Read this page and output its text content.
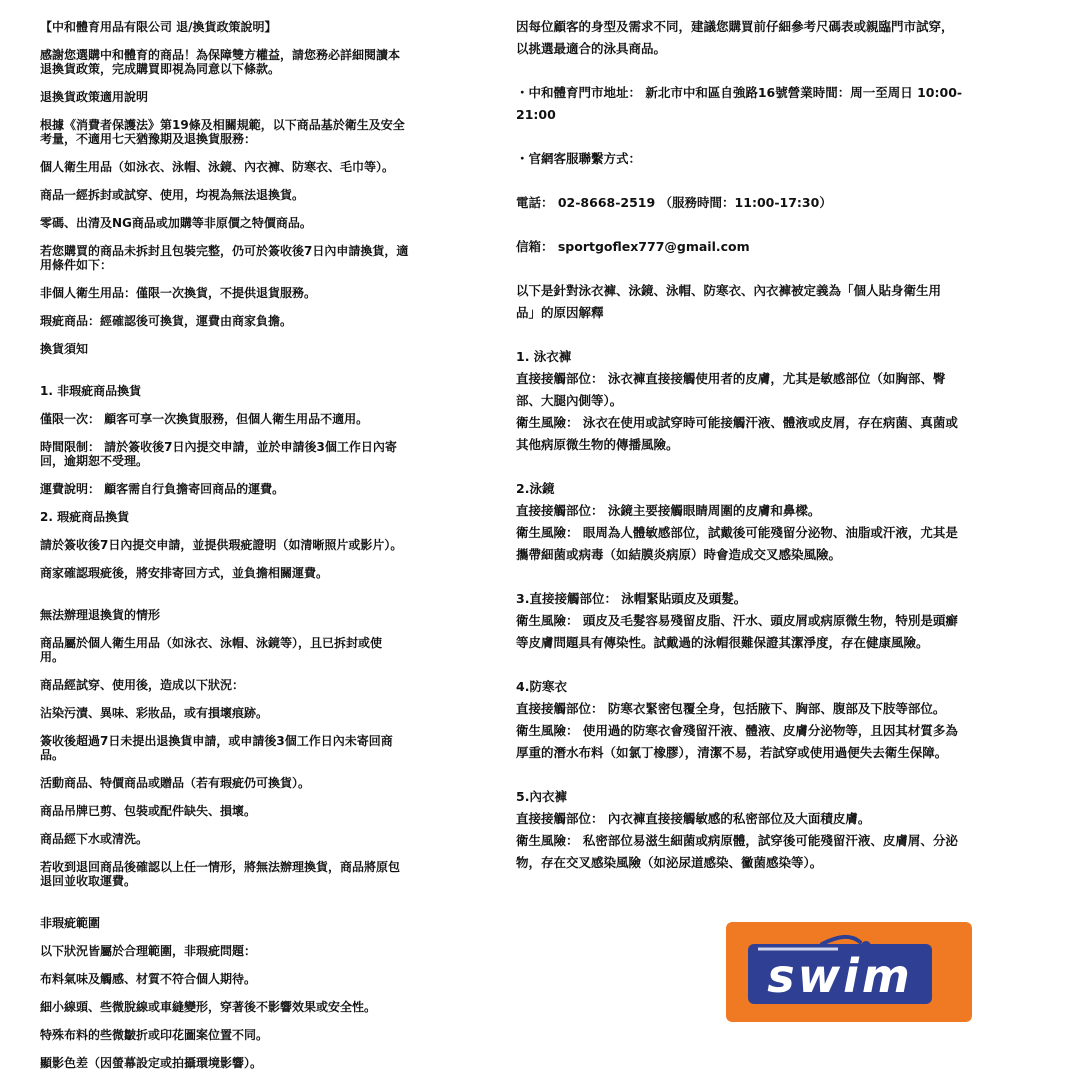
【中和體育用品有限公司 退/換貨政策說明】

感謝您選購中和體育的商品！為保障雙方權益，請您務必詳細閱讀本
退換貨政策，完成購買即視為同意以下條款。

退換貨政策適用說明

根據《消費者保護法》第19條及相關規範，以下商品基於衛生及安全
考量，不適用七天猶豫期及退換貨服務：

個人衛生用品（如泳衣、泳帽、泳鏡、內衣褲、防寒衣、毛巾等）。

商品一經拆封或試穿、使用，均視為無法退換貨。

零碼、出清及NG商品或加購等非原價之特價商品。

若您購買的商品未拆封且包裝完整，仍可於簽收後7日內申請換貨，適
用條件如下：

非個人衛生用品：僅限一次換貨，不提供退貨服務。

瑕疵商品：經確認後可換貨，運費由商家負擔。

換貨須知

1. 非瑕疵商品換貨

僅限一次： 顧客可享一次換貨服務，但個人衛生用品不適用。

時間限制： 請於簽收後7日內提交申請，並於申請後3個工作日內寄
回，逾期恕不受理。

運費說明： 顧客需自行負擔寄回商品的運費。

2. 瑕疵商品換貨

請於簽收後7日內提交申請，並提供瑕疵證明（如清晰照片或影片）。

商家確認瑕疵後，將安排寄回方式，並負擔相關運費。

無法辦理退換貨的情形

商品屬於個人衛生用品（如泳衣、泳帽、泳鏡等），且已拆封或使
用。

商品經試穿、使用後，造成以下狀況：

沾染污漬、異味、彩妝品，或有損壞痕跡。

簽收後超過7日未提出退換貨申請，或申請後3個工作日內未寄回商
品。

活動商品、特價商品或贈品（若有瑕疵仍可換貨）。

商品吊牌已剪、包裝或配件缺失、損壞。

商品經下水或清洗。

若收到退回商品後確認以上任一情形，將無法辦理換貨，商品將原包
退回並收取運費。

非瑕疵範圍

以下狀況皆屬於合理範圍，非瑕疵問題：

布料氣味及觸感、材質不符合個人期待。

細小線頭、些微脫線或車縫變形，穿著後不影響效果或安全性。

特殊布料的些微皺折或印花圖案位置不同。

顯影色差（因螢幕設定或拍攝環境影響）。

因每位顧客的身型及需求不同，建議您購買前仔細參考尺碼表或親臨門市試穿，
以挑選最適合的泳具商品。

・中和體育門市地址： 新北市中和區自強路16號營業時間：周一至周日 10:00-
21:00

・官網客服聯繫方式：

電話： 02-8668-2519 （服務時間：11:00-17:30）

信箱： sportgoflex777@gmail.com

以下是針對泳衣褲、泳鏡、泳帽、防寒衣、內衣褲被定義為「個人貼身衛生用
品」的原因解釋

1. 泳衣褲
直接接觸部位： 泳衣褲直接接觸使用者的皮膚，尤其是敏感部位（如胸部、臀
部、大腿內側等）。
衛生風險： 泳衣在使用或試穿時可能接觸汗液、體液或皮屑，存在病菌、真菌或
其他病原微生物的傳播風險。

2.泳鏡
直接接觸部位： 泳鏡主要接觸眼睛周圍的皮膚和鼻樑。
衛生風險： 眼周為人體敏感部位，試戴後可能殘留分泌物、油脂或汗液，尤其是
攜帶細菌或病毒（如結膜炎病原）時會造成交叉感染風險。

3.直接接觸部位： 泳帽緊貼頭皮及頭髮。
衛生風險： 頭皮及毛髮容易殘留皮脂、汗水、頭皮屑或病原微生物，特別是頭癬
等皮膚問題具有傳染性。試戴過的泳帽很難保證其潔淨度，存在健康風險。

4.防寒衣
直接接觸部位： 防寒衣緊密包覆全身，包括腋下、胸部、腹部及下肢等部位。
衛生風險： 使用過的防寒衣會殘留汗液、體液、皮膚分泌物等，且因其材質多為
厚重的潛水布料（如氯丁橡膠），清潔不易，若試穿或使用過便失去衛生保障。

5.內衣褲
直接接觸部位： 內衣褲直接接觸敏感的私密部位及大面積皮膚。
衛生風險： 私密部位易滋生細菌或病原體，試穿後可能殘留汗液、皮膚屑、分泌
物，存在交叉感染風險（如泌尿道感染、黴菌感染等）。

swim
